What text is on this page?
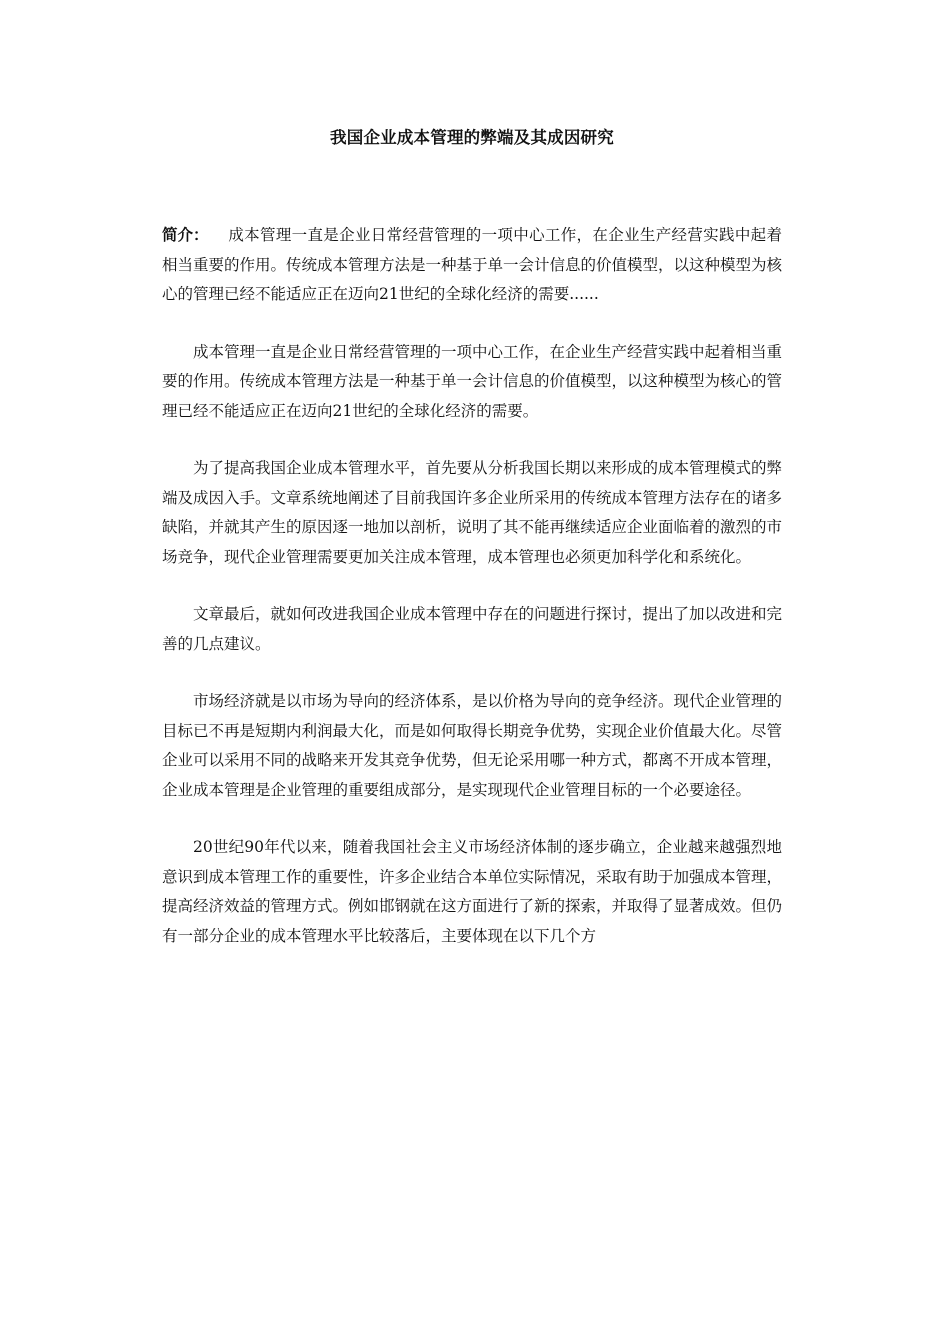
我国企业成本管理的弊端及其成因研究

简介： 成本管理一直是企业日常经营管理的一项中心工作，在企业生产经营实践中起着相当重要的作用。传统成本管理方法是一种基于单一会计信息的价值模型，以这种模型为核心的管理已经不能适应正在迈向21世纪的全球化经济的需要......

成本管理一直是企业日常经营管理的一项中心工作，在企业生产经营实践中起着相当重要的作用。传统成本管理方法是一种基于单一会计信息的价值模型，以这种模型为核心的管理已经不能适应正在迈向21世纪的全球化经济的需要。

为了提高我国企业成本管理水平，首先要从分析我国长期以来形成的成本管理模式的弊端及成因入手。文章系统地阐述了目前我国许多企业所采用的传统成本管理方法存在的诸多缺陷，并就其产生的原因逐一地加以剖析，说明了其不能再继续适应企业面临着的激烈的市场竞争，现代企业管理需要更加关注成本管理，成本管理也必须更加科学化和系统化。

文章最后，就如何改进我国企业成本管理中存在的问题进行探讨，提出了加以改进和完善的几点建议。

市场经济就是以市场为导向的经济体系，是以价格为导向的竞争经济。现代企业管理的目标已不再是短期内利润最大化，而是如何取得长期竞争优势，实现企业价值最大化。尽管企业可以采用不同的战略来开发其竞争优势，但无论采用哪一种方式，都离不开成本管理，企业成本管理是企业管理的重要组成部分，是实现现代企业管理目标的一个必要途径。

20世纪90年代以来，随着我国社会主义市场经济体制的逐步确立，企业越来越强烈地意识到成本管理工作的重要性，许多企业结合本单位实际情况，采取有助于加强成本管理，提高经济效益的管理方式。例如邯钢就在这方面进行了新的探索，并取得了显著成效。但仍有一部分企业的成本管理水平比较落后，主要体现在以下几个方
